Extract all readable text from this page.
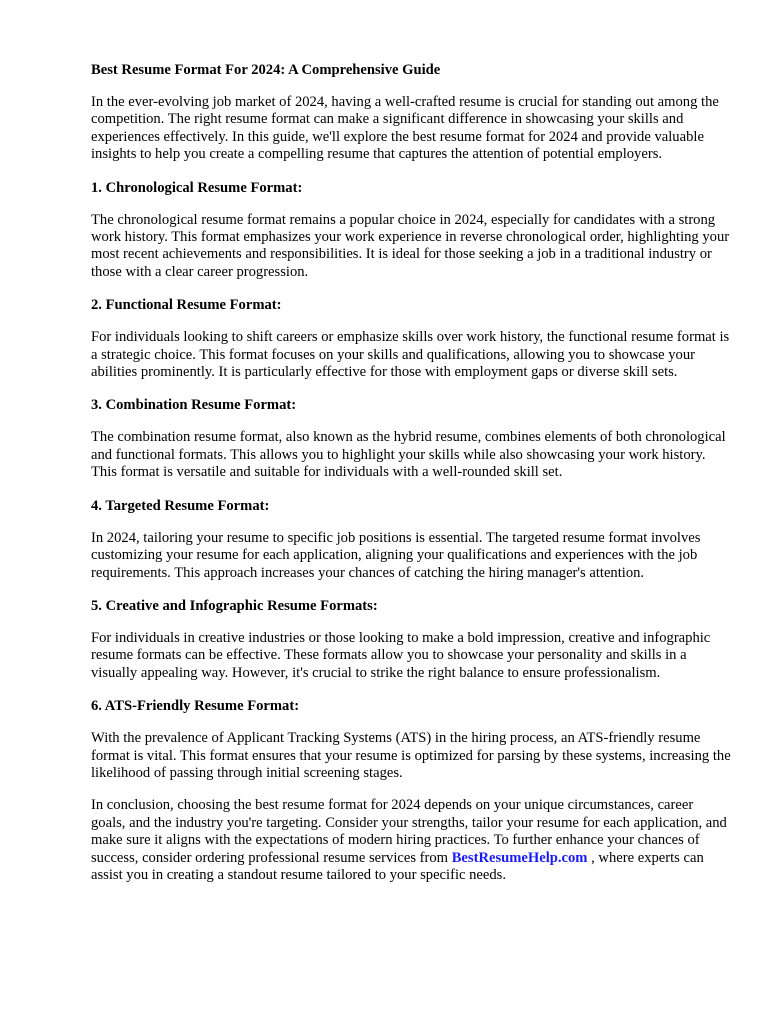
Best Resume Format For 2024: A Comprehensive Guide

In the ever-evolving job market of 2024, having a well-crafted resume is crucial for standing out among the competition. The right resume format can make a significant difference in showcasing your skills and experiences effectively. In this guide, we'll explore the best resume format for 2024 and provide valuable insights to help you create a compelling resume that captures the attention of potential employers.

1. Chronological Resume Format:

The chronological resume format remains a popular choice in 2024, especially for candidates with a strong work history. This format emphasizes your work experience in reverse chronological order, highlighting your most recent achievements and responsibilities. It is ideal for those seeking a job in a traditional industry or those with a clear career progression.

2. Functional Resume Format:

For individuals looking to shift careers or emphasize skills over work history, the functional resume format is a strategic choice. This format focuses on your skills and qualifications, allowing you to showcase your abilities prominently. It is particularly effective for those with employment gaps or diverse skill sets.

3. Combination Resume Format:

The combination resume format, also known as the hybrid resume, combines elements of both chronological and functional formats. This allows you to highlight your skills while also showcasing your work history. This format is versatile and suitable for individuals with a well-rounded skill set.

4. Targeted Resume Format:

In 2024, tailoring your resume to specific job positions is essential. The targeted resume format involves customizing your resume for each application, aligning your qualifications and experiences with the job requirements. This approach increases your chances of catching the hiring manager's attention.

5. Creative and Infographic Resume Formats:

For individuals in creative industries or those looking to make a bold impression, creative and infographic resume formats can be effective. These formats allow you to showcase your personality and skills in a visually appealing way. However, it's crucial to strike the right balance to ensure professionalism.

6. ATS-Friendly Resume Format:

With the prevalence of Applicant Tracking Systems (ATS) in the hiring process, an ATS-friendly resume format is vital. This format ensures that your resume is optimized for parsing by these systems, increasing the likelihood of passing through initial screening stages.

In conclusion, choosing the best resume format for 2024 depends on your unique circumstances, career goals, and the industry you're targeting. Consider your strengths, tailor your resume for each application, and make sure it aligns with the expectations of modern hiring practices. To further enhance your chances of success, consider ordering professional resume services from BestResumeHelp.com , where experts can assist you in creating a standout resume tailored to your specific needs.
